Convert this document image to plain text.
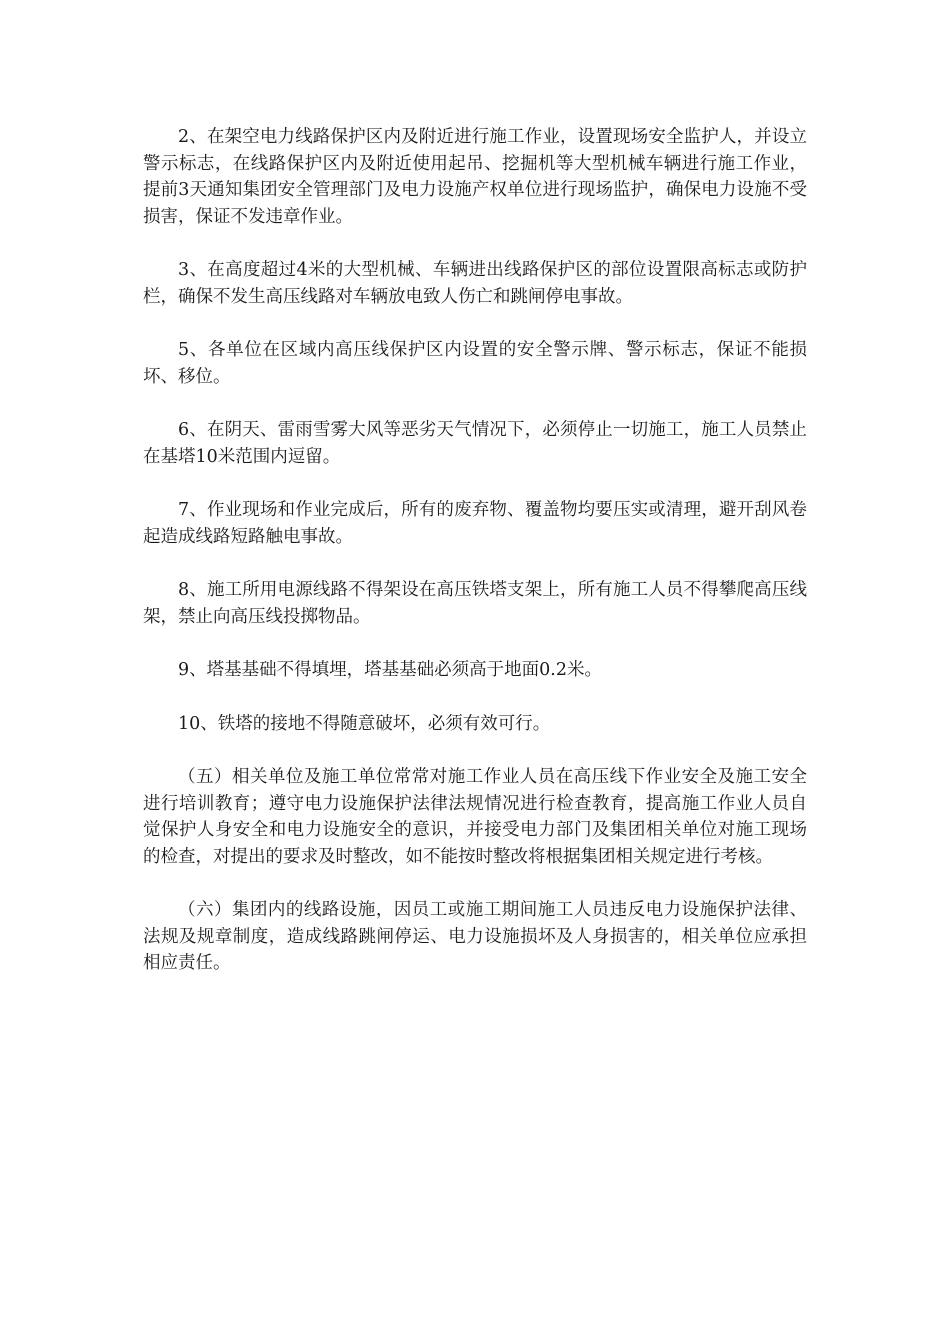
2、在架空电力线路保护区内及附近进行施工作业，设置现场安全监护人，并设立警示标志，在线路保护区内及附近使用起吊、挖掘机等大型机械车辆进行施工作业，提前3天通知集团安全管理部门及电力设施产权单位进行现场监护，确保电力设施不受损害，保证不发违章作业。

3、在高度超过4米的大型机械、车辆进出线路保护区的部位设置限高标志或防护栏，确保不发生高压线路对车辆放电致人伤亡和跳闸停电事故。

5、各单位在区域内高压线保护区内设置的安全警示牌、警示标志，保证不能损坏、移位。

6、在阴天、雷雨雪雾大风等恶劣天气情况下，必须停止一切施工，施工人员禁止在基塔10米范围内逗留。

7、作业现场和作业完成后，所有的废弃物、覆盖物均要压实或清理，避开刮风卷起造成线路短路触电事故。

8、施工所用电源线路不得架设在高压铁塔支架上，所有施工人员不得攀爬高压线架，禁止向高压线投掷物品。

9、塔基基础不得填埋，塔基基础必须高于地面0.2米。

10、铁塔的接地不得随意破坏，必须有效可行。

（五）相关单位及施工单位常常对施工作业人员在高压线下作业安全及施工安全进行培训教育；遵守电力设施保护法律法规情况进行检查教育，提高施工作业人员自觉保护人身安全和电力设施安全的意识，并接受电力部门及集团相关单位对施工现场的检查，对提出的要求及时整改，如不能按时整改将根据集团相关规定进行考核。

（六）集团内的线路设施，因员工或施工期间施工人员违反电力设施保护法律、法规及规章制度，造成线路跳闸停运、电力设施损坏及人身损害的，相关单位应承担相应责任。
